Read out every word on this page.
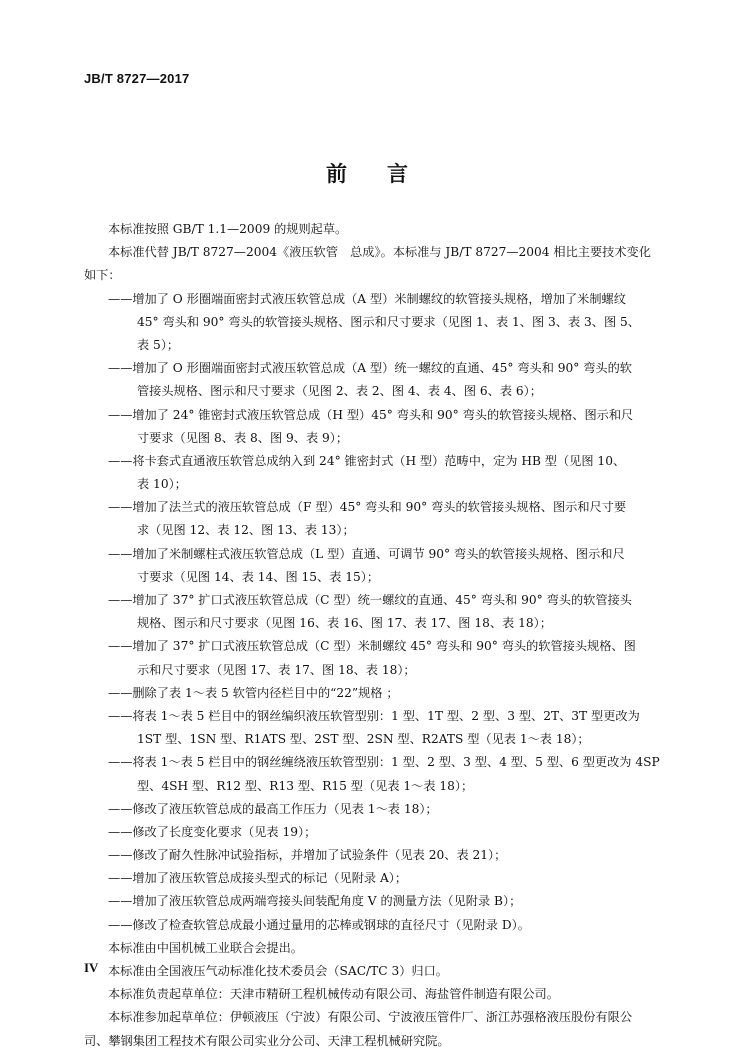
JB/T 8727—2017
前 言
本标准按照 GB/T 1.1—2009 的规则起草。
本标准代替 JB/T 8727—2004《液压软管　总成》。本标准与 JB/T 8727—2004 相比主要技术变化
如下：
——增加了 O 形圈端面密封式液压软管总成（A 型）米制螺纹的软管接头规格，增加了米制螺纹
45° 弯头和 90° 弯头的软管接头规格、图示和尺寸要求（见图 1、表 1、图 3、表 3、图 5、
表 5）；
——增加了 O 形圈端面密封式液压软管总成（A 型）统一螺纹的直通、45° 弯头和 90° 弯头的软
管接头规格、图示和尺寸要求（见图 2、表 2、图 4、表 4、图 6、表 6）；
——增加了 24° 锥密封式液压软管总成（H 型）45° 弯头和 90° 弯头的软管接头规格、图示和尺
寸要求（见图 8、表 8、图 9、表 9）；
——将卡套式直通液压软管总成纳入到 24° 锥密封式（H 型）范畴中，定为 HB 型（见图 10、
表 10）；
——增加了法兰式的液压软管总成（F 型）45° 弯头和 90° 弯头的软管接头规格、图示和尺寸要
求（见图 12、表 12、图 13、表 13）；
——增加了米制螺柱式液压软管总成（L 型）直通、可调节 90° 弯头的软管接头规格、图示和尺
寸要求（见图 14、表 14、图 15、表 15）；
——增加了 37° 扩口式液压软管总成（C 型）统一螺纹的直通、45° 弯头和 90° 弯头的软管接头
规格、图示和尺寸要求（见图 16、表 16、图 17、表 17、图 18、表 18）；
——增加了 37° 扩口式液压软管总成（C 型）米制螺纹 45° 弯头和 90° 弯头的软管接头规格、图
示和尺寸要求（见图 17、表 17、图 18、表 18）；
——删除了表 1～表 5 软管内径栏目中的“22”规格 ；
——将表 1～表 5 栏目中的钢丝编织液压软管型别：1 型、1T 型、2 型、3 型、2T、3T 型更改为
1ST 型、1SN 型、R1ATS 型、2ST 型、2SN 型、R2ATS 型（见表 1～表 18）；
——将表 1～表 5 栏目中的钢丝缠绕液压软管型别：1 型、2 型、3 型、4 型、5 型、6 型更改为 4SP
型、4SH 型、R12 型、R13 型、R15 型（见表 1～表 18）；
——修改了液压软管总成的最高工作压力（见表 1～表 18）；
——修改了长度变化要求（见表 19）；
——修改了耐久性脉冲试验指标，并增加了试验条件（见表 20、表 21）；
——增加了液压软管总成接头型式的标记（见附录 A）；
——增加了液压软管总成两端弯接头间装配角度 V 的测量方法（见附录 B）；
——修改了检查软管总成最小通过量用的芯棒或钢球的直径尺寸（见附录 D）。
本标准由中国机械工业联合会提出。
本标准由全国液压气动标准化技术委员会（SAC/TC 3）归口。
本标准负责起草单位：天津市精研工程机械传动有限公司、海盐管件制造有限公司。
本标准参加起草单位：伊顿液压（宁波）有限公司、宁波液压管件厂、浙江苏强格液压股份有限公
司、攀钢集团工程技术有限公司实业分公司、天津工程机械研究院。
IV
